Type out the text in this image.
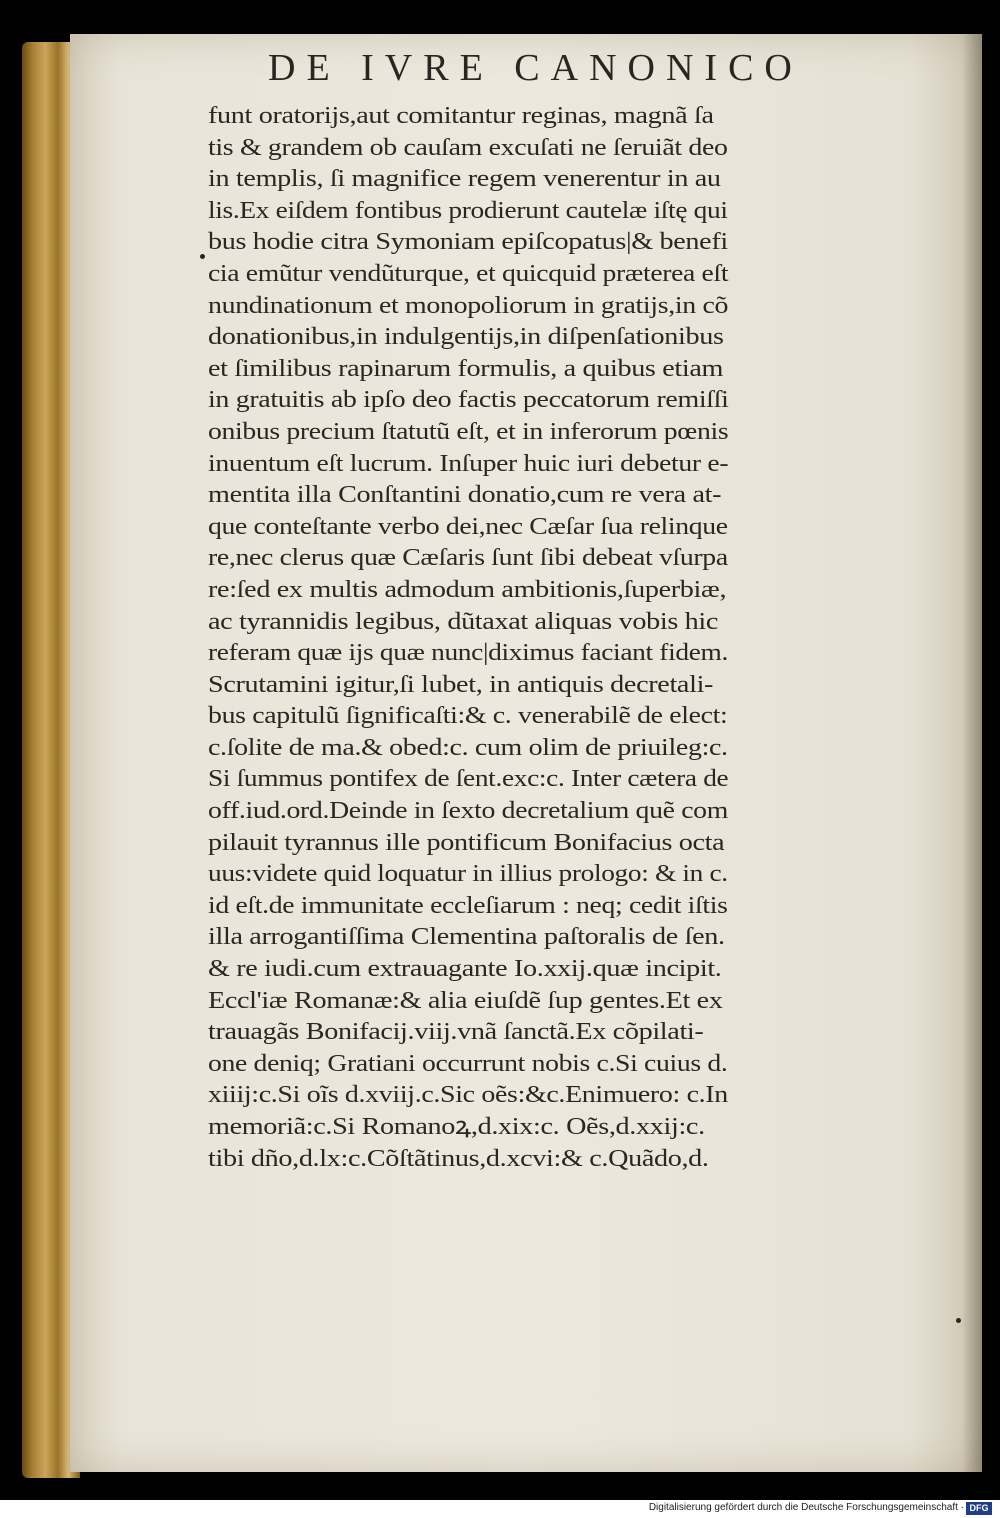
DE IVRE CANONICO
funt oratorijs,aut comitantur reginas, magnã ſa
tis & grandem ob cauſam excuſati ne ſeruiãt deo
in templis, ſi magnifice regem venerentur in au
lis.Ex eiſdem fontibus prodierunt cautelæ iſtę qui
bus hodie citra Symoniam epiſcopatus|& benefi
cia emũtur vendũturque, et quicquid præterea eſt
nundinationum et monopoliorum in gratijs,in cõ
donationibus,in indulgentijs,in diſpenſationibus
et ſimilibus rapinarum formulis, a quibus etiam
in gratuitis ab ipſo deo factis peccatorum remiſſi
onibus precium ſtatutũ eſt, et in inferorum pœnis
inuentum eſt lucrum. Inſuper huic iuri debetur e-
mentita illa Conſtantini donatio,cum re vera at-
que conteſtante verbo dei,nec Cæſar ſua relinque
re,nec clerus quæ Cæſaris ſunt ſibi debeat vſurpa
re:ſed ex multis admodum ambitionis,ſuperbiæ,
ac tyrannidis legibus, dũtaxat aliquas vobis hic
referam quæ ijs quæ nunc|diximus faciant fidem.
Scrutamini igitur,ſi lubet, in antiquis decretali-
bus capitulũ ſignificaſti:& c. venerabilẽ de elect:
c.ſolite de ma.& obed:c. cum olim de priuileg:c.
Si ſummus pontifex de ſent.exc:c. Inter cætera de
off.iud.ord.Deinde in ſexto decretalium quẽ com
pilauit tyrannus ille pontificum Bonifacius octa
uus:videte quid loquatur in illius prologo: & in c.
id eſt.de immunitate eccleſiarum : neq; cedit iſtis
illa arrogantiſſima Clementina paſtoralis de ſen.
& re iudi.cum extrauagante Io.xxij.quæ incipit.
Eccl'iæ Romanæ:& alia eiuſdẽ ſup gentes.Et ex
trauagãs Bonifacij.viij.vnã ſanctã.Ex cõpilati-
one deniq; Gratiani occurrunt nobis c.Si cuius d.
xiiij:c.Si oĩs d.xviij.c.Sic oẽs:&c.Enimuero: c.In
memoriã:c.Si Romanoꝝ,d.xix:c. Oẽs,d.xxij:c.
tibi dño,d.lx:c.Cõſtãtinus,d.xcvi:& c.Quãdo,d.
Digitalisierung gefördert durch die Deutsche Forschungsgemeinschaft · DFG
